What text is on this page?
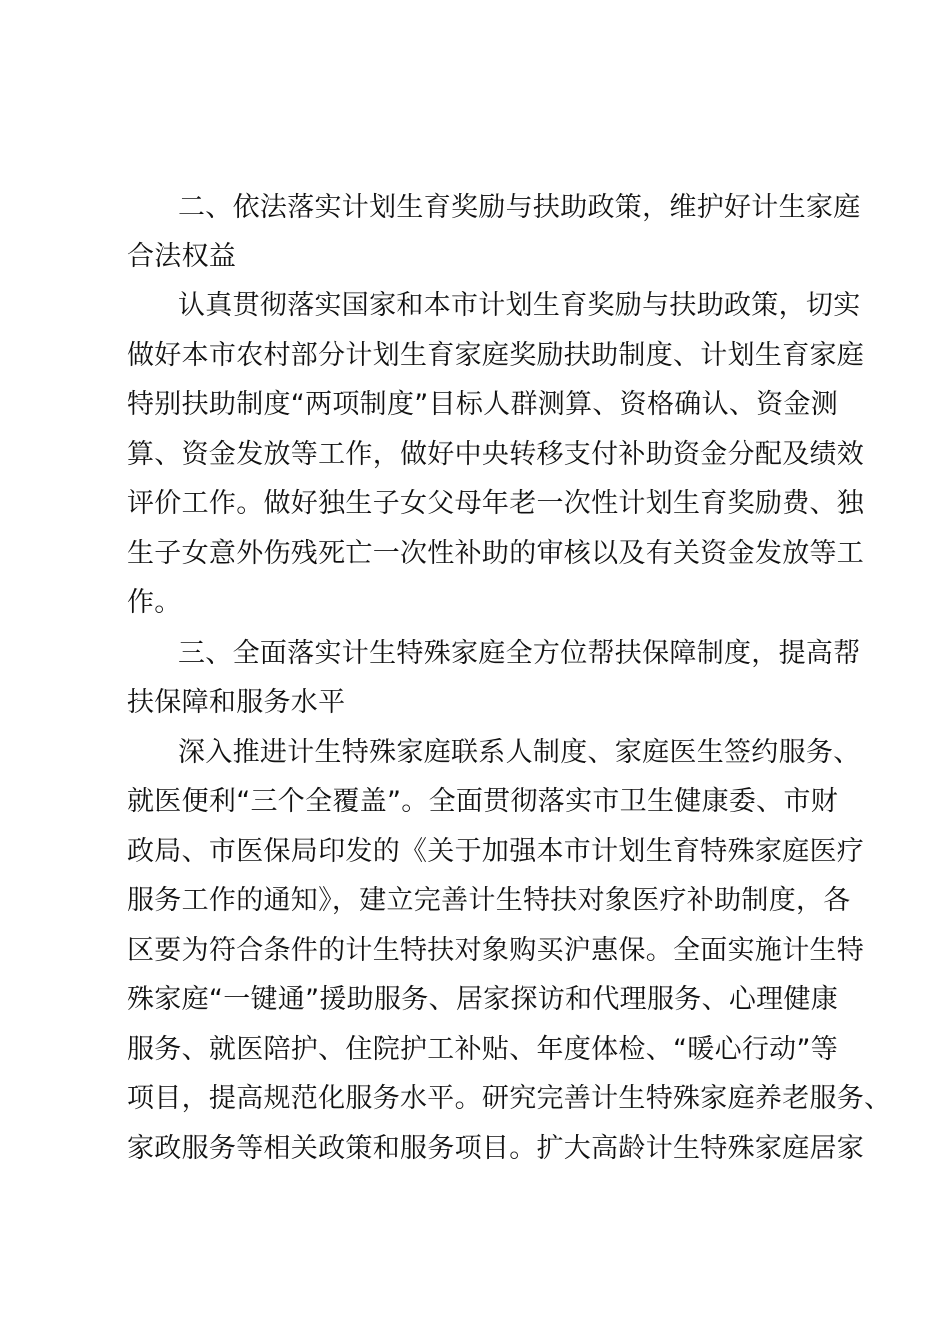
二、依法落实计划生育奖励与扶助政策，维护好计生家庭
合法权益
认真贯彻落实国家和本市计划生育奖励与扶助政策，切实
做好本市农村部分计划生育家庭奖励扶助制度、计划生育家庭
特别扶助制度“两项制度”目标人群测算、资格确认、资金测
算、资金发放等工作，做好中央转移支付补助资金分配及绩效
评价工作。做好独生子女父母年老一次性计划生育奖励费、独
生子女意外伤残死亡一次性补助的审核以及有关资金发放等工
作。
三、全面落实计生特殊家庭全方位帮扶保障制度，提高帮
扶保障和服务水平
深入推进计生特殊家庭联系人制度、家庭医生签约服务、
就医便利“三个全覆盖”。全面贯彻落实市卫生健康委、市财
政局、市医保局印发的《关于加强本市计划生育特殊家庭医疗
服务工作的通知》，建立完善计生特扶对象医疗补助制度，各
区要为符合条件的计生特扶对象购买沪惠保。全面实施计生特
殊家庭“一键通”援助服务、居家探访和代理服务、心理健康
服务、就医陪护、住院护工补贴、年度体检、“暖心行动”等
项目，提高规范化服务水平。研究完善计生特殊家庭养老服务、
家政服务等相关政策和服务项目。扩大高龄计生特殊家庭居家
